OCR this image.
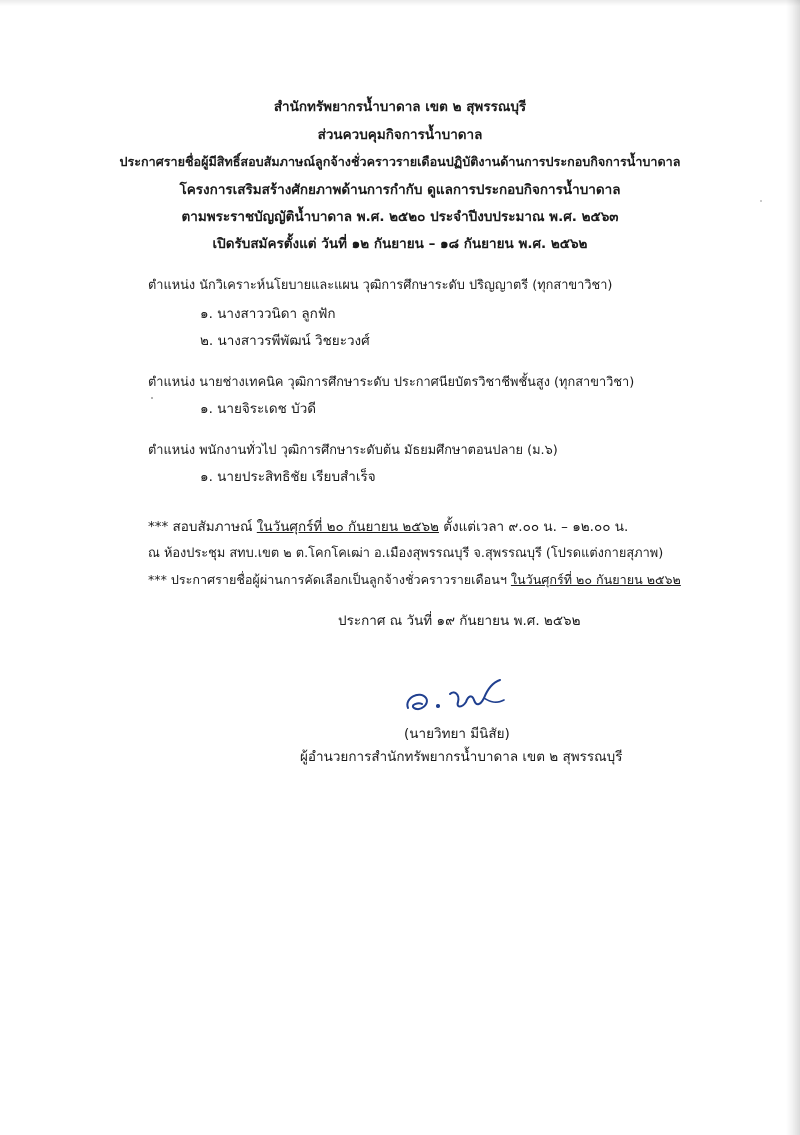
สำนักทรัพยากรน้ำบาดาล เขต ๒ สุพรรณบุรี
ส่วนควบคุมกิจการน้ำบาดาล
ประกาศรายชื่อผู้มีสิทธิ์สอบสัมภาษณ์ลูกจ้างชั่วคราวรายเดือนปฏิบัติงานด้านการประกอบกิจการน้ำบาดาล
โครงการเสริมสร้างศักยภาพด้านการกำกับ ดูแลการประกอบกิจการน้ำบาดาล
ตามพระราชบัญญัติน้ำบาดาล พ.ศ. ๒๕๒๐ ประจำปีงบประมาณ พ.ศ. ๒๕๖๓
เปิดรับสมัครตั้งแต่ วันที่ ๑๒ กันยายน – ๑๘ กันยายน พ.ศ. ๒๕๖๒
ตำแหน่ง นักวิเคราะห์นโยบายและแผน วุฒิการศึกษาระดับ ปริญญาตรี (ทุกสาขาวิชา)
๑. นางสาววนิดา ลูกฟัก
๒. นางสาวรพีพัฒน์ วิชยะวงศ์
ตำแหน่ง นายช่างเทคนิค วุฒิการศึกษาระดับ ประกาศนียบัตรวิชาชีพชั้นสูง (ทุกสาขาวิชา)
๑. นายจิระเดช บัวดี
ตำแหน่ง พนักงานทั่วไป วุฒิการศึกษาระดับต้น มัธยมศึกษาตอนปลาย (ม.๖)
๑. นายประสิทธิชัย เรียบสำเร็จ
*** สอบสัมภาษณ์ ในวันศุกร์ที่ ๒๐ กันยายน ๒๕๖๒ ตั้งแต่เวลา ๙.๐๐ น. – ๑๒.๐๐ น.
ณ ห้องประชุม สทบ.เขต ๒ ต.โคกโคเฒ่า อ.เมืองสุพรรณบุรี จ.สุพรรณบุรี (โปรดแต่งกายสุภาพ)
*** ประกาศรายชื่อผู้ผ่านการคัดเลือกเป็นลูกจ้างชั่วคราวรายเดือนฯ ในวันศุกร์ที่ ๒๐ กันยายน ๒๕๖๒
ประกาศ ณ วันที่ ๑๙ กันยายน พ.ศ. ๒๕๖๒
(นายวิทยา มีนิสัย)
ผู้อำนวยการสำนักทรัพยากรน้ำบาดาล เขต ๒ สุพรรณบุรี
